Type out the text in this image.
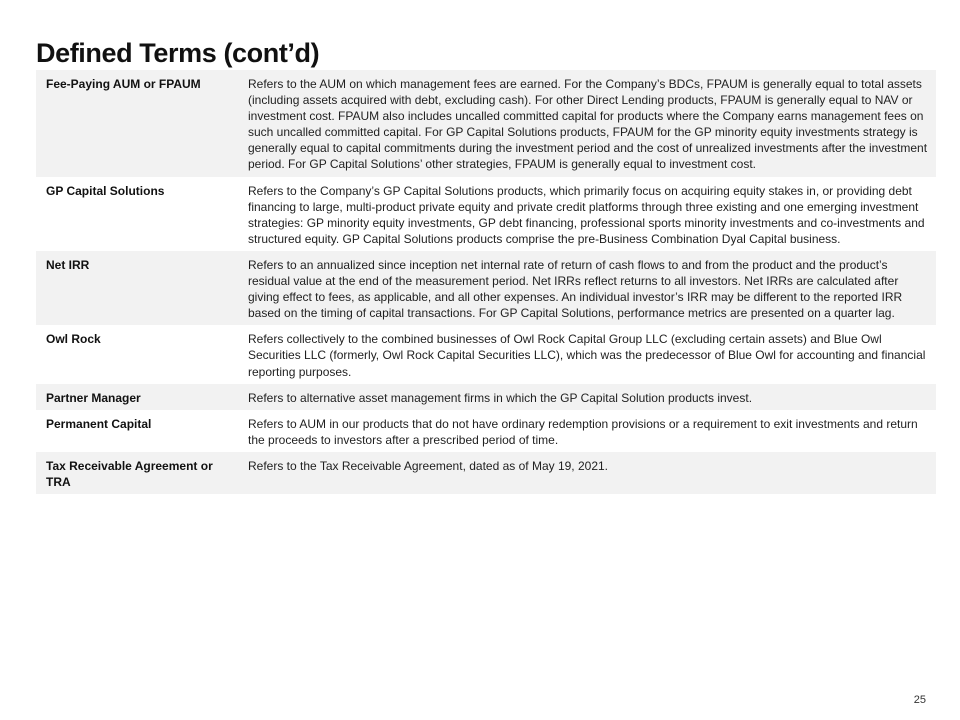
Defined Terms (cont’d)
Fee-Paying AUM or FPAUM	Refers to the AUM on which management fees are earned. For the Company’s BDCs, FPAUM is generally equal to total assets (including assets acquired with debt, excluding cash). For other Direct Lending products, FPAUM is generally equal to NAV or investment cost. FPAUM also includes uncalled committed capital for products where the Company earns management fees on such uncalled committed capital. For GP Capital Solutions products, FPAUM for the GP minority equity investments strategy is generally equal to capital commitments during the investment period and the cost of unrealized investments after the investment period. For GP Capital Solutions’ other strategies, FPAUM is generally equal to investment cost.
GP Capital Solutions	Refers to the Company’s GP Capital Solutions products, which primarily focus on acquiring equity stakes in, or providing debt financing to large, multi-product private equity and private credit platforms through three existing and one emerging investment strategies: GP minority equity investments, GP debt financing, professional sports minority investments and co-investments and structured equity. GP Capital Solutions products comprise the pre-Business Combination Dyal Capital business.
Net IRR	Refers to an annualized since inception net internal rate of return of cash flows to and from the product and the product’s residual value at the end of the measurement period. Net IRRs reflect returns to all investors. Net IRRs are calculated after giving effect to fees, as applicable, and all other expenses. An individual investor’s IRR may be different to the reported IRR based on the timing of capital transactions. For GP Capital Solutions, performance metrics are presented on a quarter lag.
Owl Rock	Refers collectively to the combined businesses of Owl Rock Capital Group LLC (excluding certain assets) and Blue Owl Securities LLC (formerly, Owl Rock Capital Securities LLC), which was the predecessor of Blue Owl for accounting and financial reporting purposes.
Partner Manager	Refers to alternative asset management firms in which the GP Capital Solution products invest.
Permanent Capital	Refers to AUM in our products that do not have ordinary redemption provisions or a requirement to exit investments and return the proceeds to investors after a prescribed period of time.
Tax Receivable Agreement or TRA	Refers to the Tax Receivable Agreement, dated as of May 19, 2021.
25
